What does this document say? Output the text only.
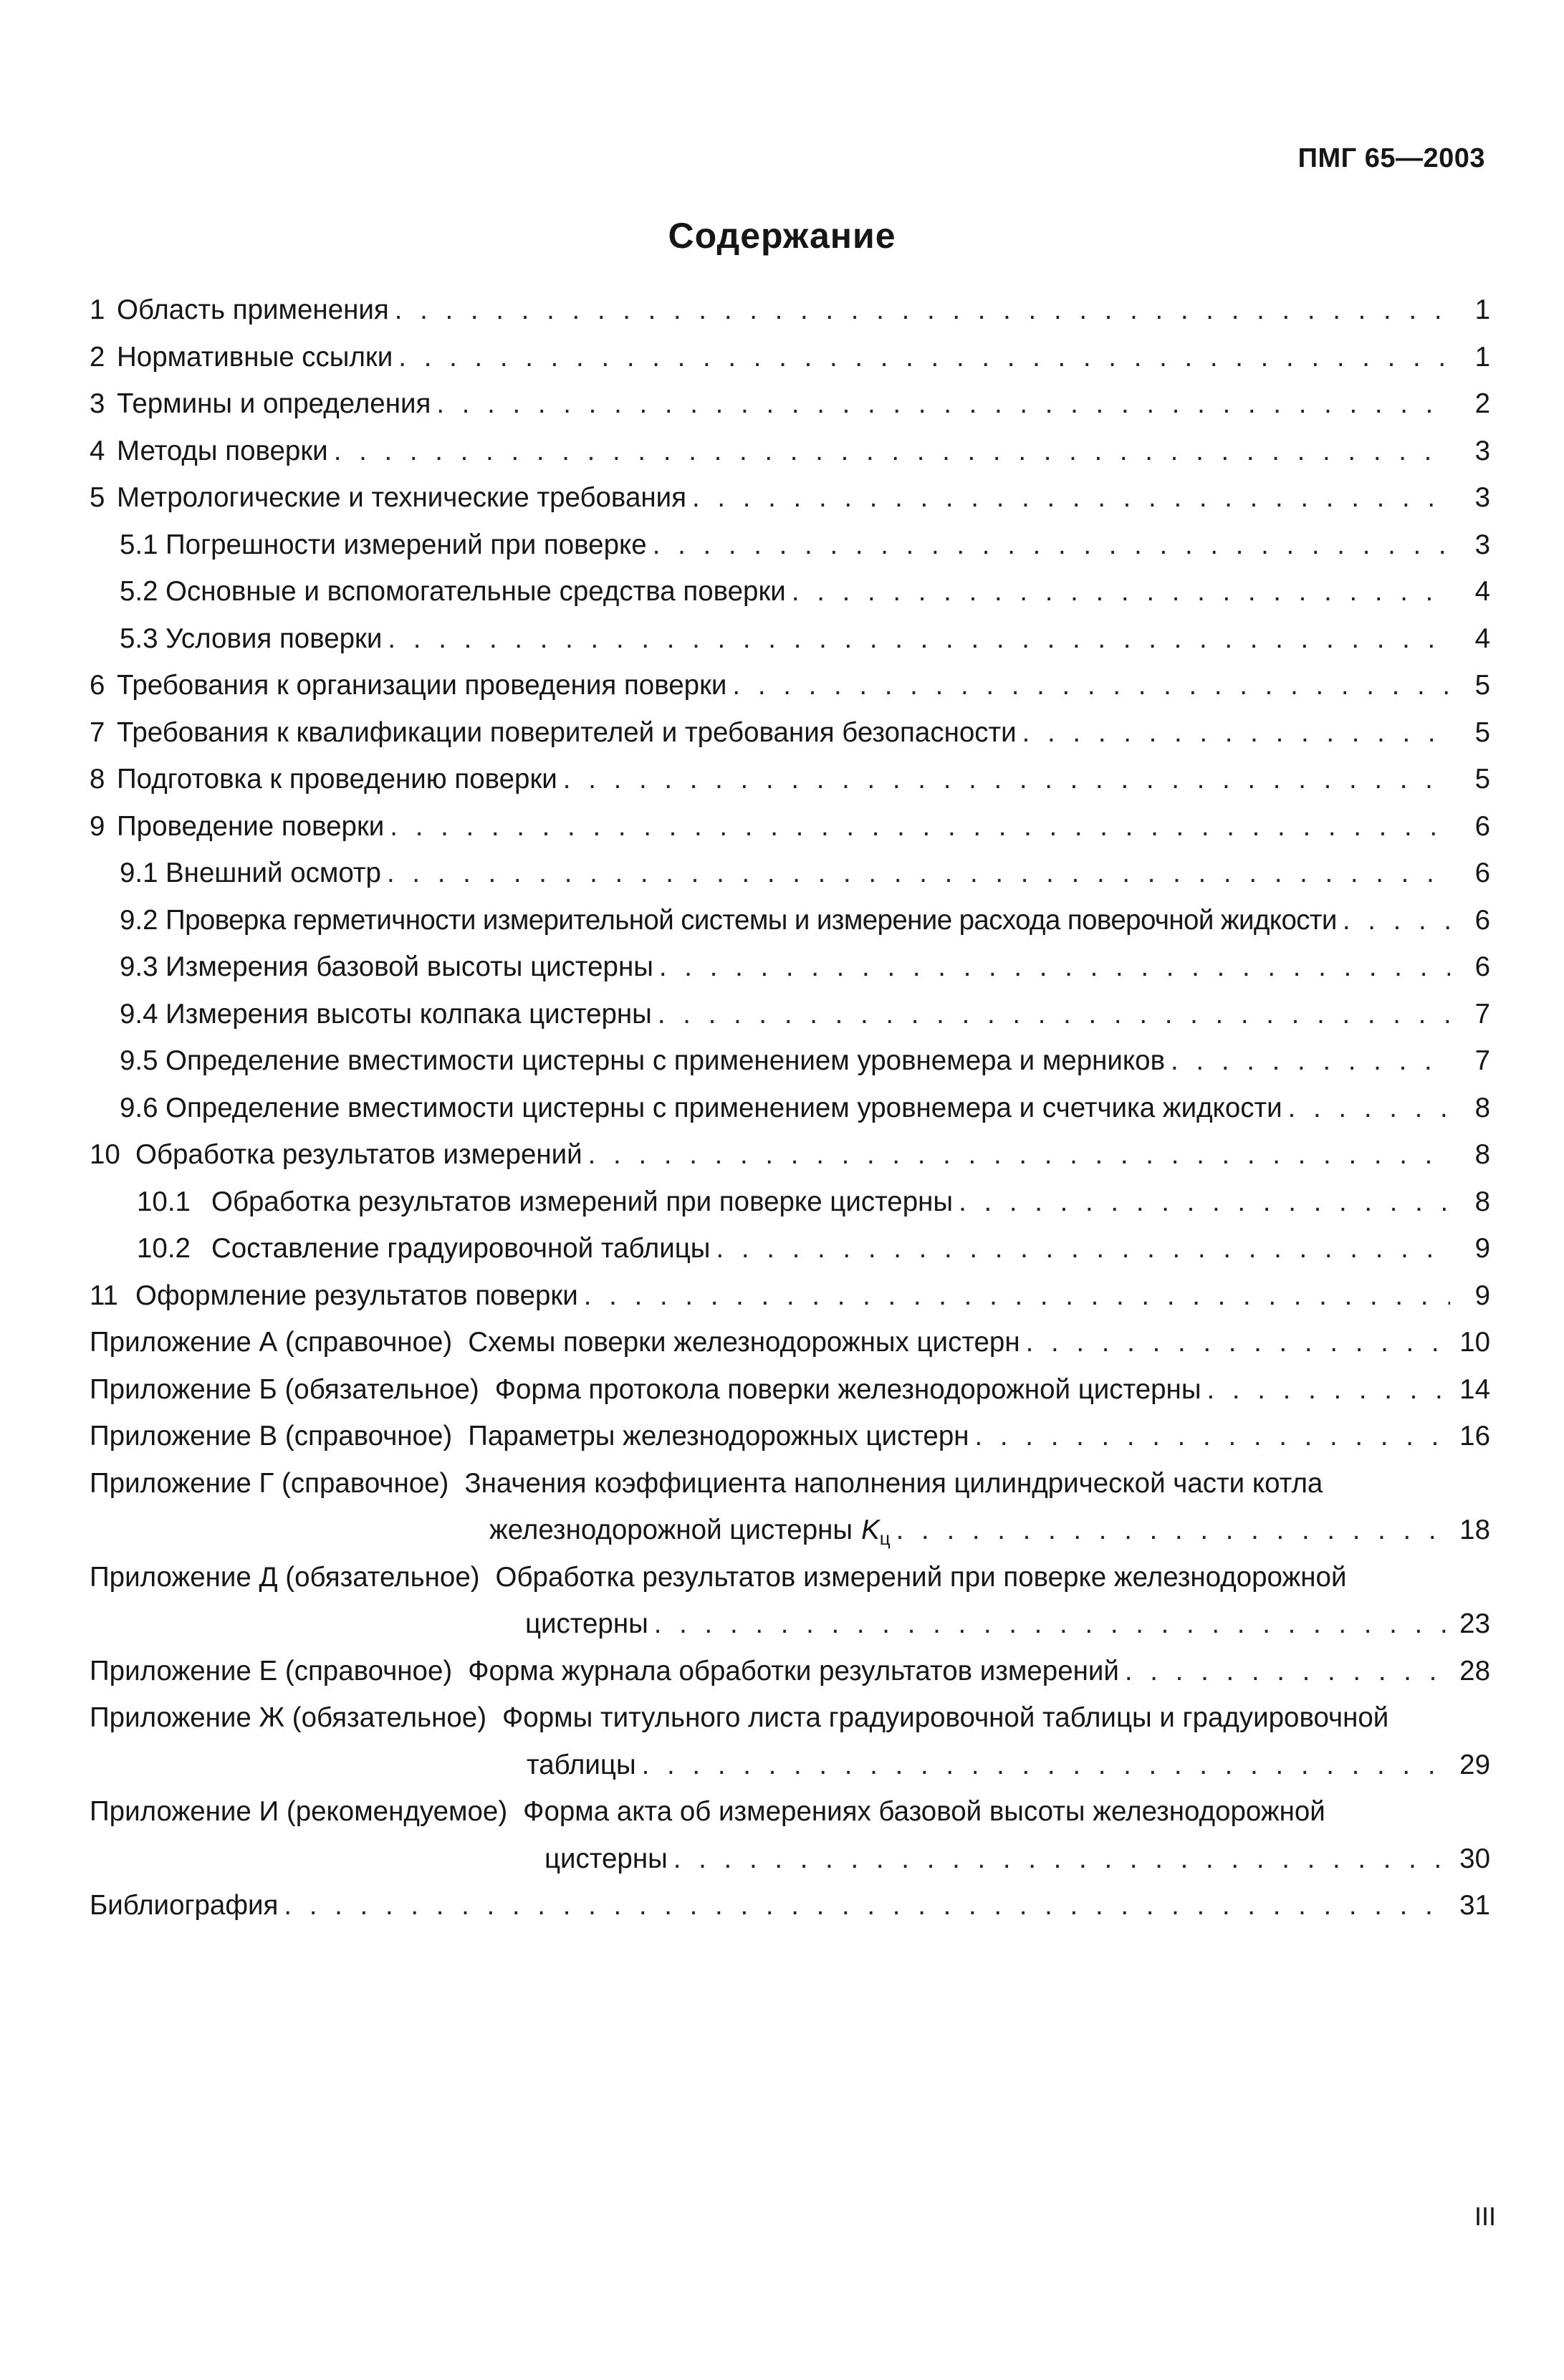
ПМГ 65—2003
Содержание
1 Область применения . . .	1
2 Нормативные ссылки . . .	1
3 Термины и определения . . .	2
4 Методы поверки . . .	3
5 Метрологические и технические требования . . .	3
5.1 Погрешности измерений при поверке . . .	3
5.2 Основные и вспомогательные средства поверки . . .	4
5.3 Условия поверки . . .	4
6 Требования к организации проведения поверки . . .	5
7 Требования к квалификации поверителей и требования безопасности . . .	5
8 Подготовка к проведению поверки . . .	5
9 Проведение поверки . . .	6
9.1 Внешний осмотр . . .	6
9.2 Проверка герметичности измерительной системы и измерение расхода поверочной жидкости . . .	6
9.3 Измерения базовой высоты цистерны . . .	6
9.4 Измерения высоты колпака цистерны . . .	7
9.5 Определение вместимости цистерны с применением уровнемера и мерников . . .	7
9.6 Определение вместимости цистерны с применением уровнемера и счетчика жидкости . . .	8
10 Обработка результатов измерений . . .	8
10.1 Обработка результатов измерений при поверке цистерны . . .	8
10.2 Составление градуировочной таблицы . . .	9
11 Оформление результатов поверки . . .	9
Приложение А (справочное) Схемы поверки железнодорожных цистерн . . .	10
Приложение Б (обязательное) Форма протокола поверки железнодорожной цистерны . . .	14
Приложение В (справочное) Параметры железнодорожных цистерн . . .	16
Приложение Г (справочное) Значения коэффициента наполнения цилиндрической части котла
железнодорожной цистерны $K_ц$ . . .	18
Приложение Д (обязательное) Обработка результатов измерений при поверке железнодорожной
цистерны . . .	23
Приложение Е (справочное) Форма журнала обработки результатов измерений . . .	28
Приложение Ж (обязательное) Формы титульного листа градуировочной таблицы и градуировочной
таблицы . . .	29
Приложение И (рекомендуемое) Форма акта об измерениях базовой высоты железнодорожной
цистерны . . .	30
Библиография . . .	31
III
